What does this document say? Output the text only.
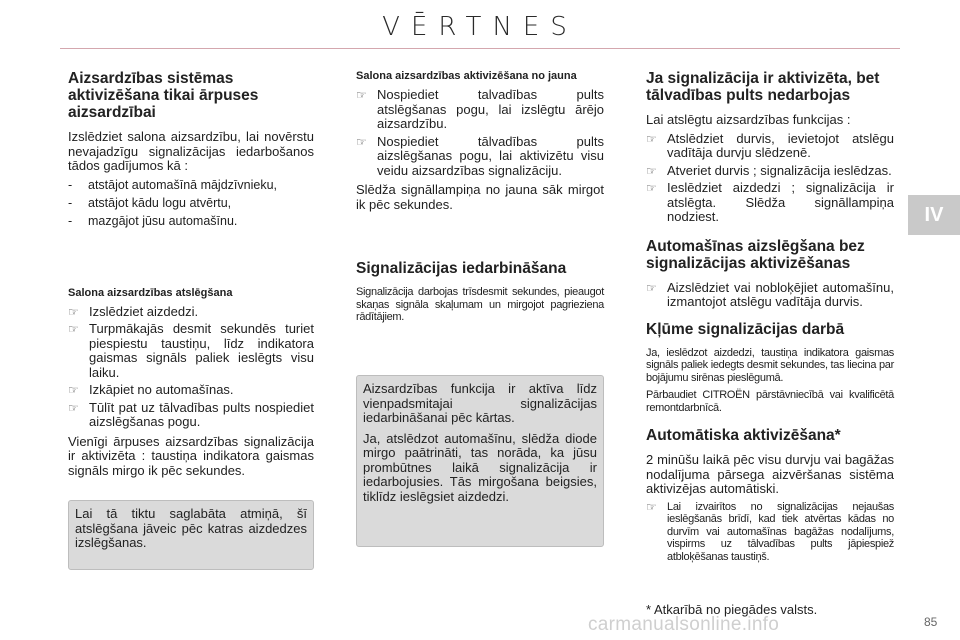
VĒRTNES
IV
Aizsardzības sistēmas aktivizēšana tikai ārpuses aizsardzībai

Izslēdziet salona aizsardzību, lai novērstu nevajadzīgu signalizācijas iedarbošanos tādos gadījumos kā :

- atstājot automašīnā mājdzīvnieku,
- atstājot kādu logu atvērtu,
- mazgājot jūsu automašīnu.
Salona aizsardzības atslēgšana
☞ Izslēdziet aizdedzi.
☞ Turpmākajās desmit sekundēs turiet piespiestu taustiņu, līdz indikatora gaismas signāls paliek ieslēgts visu laiku.
☞ Izkāpiet no automašīnas.
☞ Tūlīt pat uz tālvadības pults nospiediet aizslēgšanas pogu.

Vienīgi ārpuses aizsardzības signalizācija ir aktivizēta : taustiņa indikatora gaismas signāls mirgo ik pēc sekundes.

Lai tā tiktu saglabāta atmiņā, šī atslēgšana jāveic pēc katras aizdedzes izslēgšanas.

Salona aizsardzības aktivizēšana no jauna
☞ Nospiediet talvadības pults atslēgšanas pogu, lai izslēgtu ārējo aizsardzību.
☞ Nospiediet tālvadības pults aizslēgšanas pogu, lai aktivizētu visu veidu aizsardzības signalizāciju.

Slēdža signāllampiņa no jauna sāk mirgot ik pēc sekundes.

Signalizācijas iedarbināšana

Signalizācija darbojas trīsdesmit sekundes, pieaugot skaņas signāla skaļumam un mirgojot pagrieziena rādītājiem.

Aizsardzības funkcija ir aktīva līdz vienpadsmitajai signalizācijas iedarbināšanai pēc kārtas.

Ja, atslēdzot automašīnu, slēdža diode mirgo paātrināti, tas norāda, ka jūsu prombūtnes laikā signalizācija ir iedarbojusies. Tās mirgošana beigsies, tiklīdz ieslēgsiet aizdedzi.

Ja signalizācija ir aktivizēta, bet tālvadības pults nedarbojas

Lai atslēgtu aizsardzības funkcijas :

☞ Atslēdziet durvis, ievietojot atslēgu vadītāja durvju slēdzenē.
☞ Atveriet durvis ; signalizācija ieslēdzas.
☞ Ieslēdziet aizdedzi ; signalizācija ir atslēgta. Slēdža signāllampiņa nodziest.
Automašīnas aizslēgšana bez signalizācijas aktivizēšanas
☞ Aizslēdziet vai nobloķējiet automašīnu, izmantojot atslēgu vadītāja durvis.
Kļūme signalizācijas darbā

Ja, ieslēdzot aizdedzi, taustiņa indikatora gaismas signāls paliek iedegts desmit sekundes, tas liecina par bojājumu sirēnas pieslēgumā.

Pārbaudiet CITROËN pārstāvniecībā vai kvalificētā remontdarbnīcā.

Automātiska aktivizēšana*

2 minūšu laikā pēc visu durvju vai bagāžas nodalījuma pārsega aizvēršanas sistēma aktivizējas automātiski.

☞ Lai izvairītos no signalizācijas nejaušas ieslēgšanās brīdī, kad tiek atvērtas kādas no durvīm vai automašīnas bagāžas nodalījums, vispirms uz tālvadības pults jāpiespiež atbloķēšanas taustiņš.
* Atkarībā no piegādes valsts.
carmanualsonline.info	85
